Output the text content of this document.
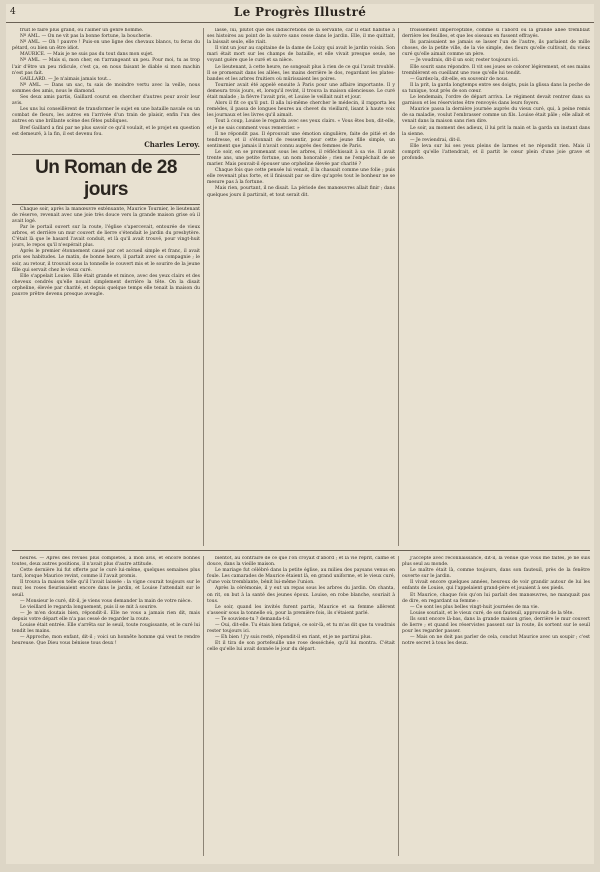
4	Le Progrès Illustré

fruit le faire plus grand, ou l'aimer un genre homme.

Nº AML. — On ne vit pas la bonne fortune, la boucherie.

Nº AML. — Oh ! pauvre ! Puis-on une ligne des chevaux blancs, tu feras du pétard, ou bien un être idiot.

MAURICE. — Mais je ne suis pas du tout dans mon sujet.

Nº AML. — Mais si, mon cher, en t'arrangeant un peu. Pour moi, tu as trop l'air d'être un peu ridicule, c'est ça, en nous faisant le diable si mon machin n'est pas fait.

GAILLARD. — Je n'aimais jamais tout...

Nº AML. — Dans un sac, tu sais de moindre vertu avec la veille, nous sommes des amis, nous le diamond.

Ses deux amis partis, Gaillard courut en chercher d'autres pour avoir leur avis.

Les uns lui conseillèrent de transformer le sujet en une bataille navale ou un combat de fleurs, les autres en l'arrivée d'un train de plaisir, enfin l'un des autres en une brillante scène des fêtes publiques.

Bref Gaillard a fini par ne plus savoir ce qu'il voulait, et le projet en question est demeuré, à la fin, il est devenu fou.

Charles Leroy.
Un Roman de 28 jours

Chaque soir, après la manœuvre exténuante, Maurice Tournier, le lieutenant de réserve, revenait avec une joie très douce vers la grande maison grise où il avait logé.

Par le portail ouvert sur la route, l'église s'apercevait, entourée de vieux arbres, et derrière un mur couvert de lierre s'étendait le jardin du presbytère. C'était là que le hasard l'avait conduit, et là qu'il avait trouvé, pour vingt-huit jours, le repos qu'il n'espérait plus.

Après le premier étonnement causé par cet accueil simple et franc, il avait pris ses habitudes. Le matin, de bonne heure, il partait avec sa compagnie ; le soir, au retour, il trouvait sous la tonnelle le couvert mis et le sourire de la jeune fille qui servait chez le vieux curé.

Elle s'appelait Louise. Elle était grande et mince, avec des yeux clairs et des cheveux cendrés qu'elle nouait simplement derrière la tête. On la disait orpheline, élevée par charité, et depuis quelque temps elle tenait la maison du pauvre prêtre devenu presque aveugle.

lasse, lui, plutôt que des indiscrétions de la servante, car il était habitué à ses histoires au point de la suivre sans cesse dans le jardin. Elle, il me quittait, la laissait seule, elle riait.

Il vint un jour au capitaine de la dame de Loizy qui avait le jardin voisin. Son mari était mort sur les champs de bataille, et elle vivait presque seule, ne voyant guère que le curé et sa nièce.

Le lieutenant, à cette heure, ne songeait plus à rien de ce qui l'avait troublé. Il se promenait dans les allées, les mains derrière le dos, regardant les plates-bandes et les arbres fruitiers où mûrissaient les poires.

Tournier avait été appelé ensuite à Paris pour une affaire importante. Il y demeura trois jours, et, lorsqu'il revint, il trouva la maison silencieuse. Le curé était malade ; la fièvre l'avait pris, et Louise le veillait nuit et jour.

Alors il fit ce qu'il put. Il alla lui-même chercher le médecin, il rapporta les remèdes, il passa de longues heures au chevet du vieillard, lisant à haute voix les journaux et les livres qu'il aimait.

Tout à coup, Louise le regarda avec ses yeux clairs. « Vous êtes bon, dit-elle, et je ne sais comment vous remercier. »

Il ne répondit pas. Il éprouvait une émotion singulière, faite de pitié et de tendresse, et il s'étonnait de ressentir, pour cette jeune fille simple, un sentiment que jamais il n'avait connu auprès des femmes de Paris.

Le soir, en se promenant sous les arbres, il réfléchissait à sa vie. Il avait trente ans, une petite fortune, un nom honorable ; rien ne l'empêchait de se marier. Mais pouvait-il épouser une orpheline élevée par charité ?

Chaque fois que cette pensée lui venait, il la chassait comme une folie ; puis elle revenait plus forte, et il finissait par se dire qu'après tout le bonheur ne se mesure pas à la fortune.

Mais rien, pourtant, il ne disait. La période des manœuvres allait finir ; dans quelques jours il partirait, et tout serait dit.

froissement imperceptible, comme si l'abord ou la grande allée tremblait derrière les feuilles, et que les oiseaux en fussent effrayés.

Ils paraissaient ne jamais se lasser l'un de l'autre, ils parlaient de mille choses, de la petite ville, de la vie simple, des fleurs qu'elle cultivait, du vieux curé qu'elle aimait comme un père.

— Je voudrais, dit-il un soir, rester toujours ici.

Elle sourit sans répondre. Il vit ses joues se colorer légèrement, et ses mains tremblèrent en cueillant une rose qu'elle lui tendit.

— Gardez-la, dit-elle, en souvenir de nous.

Il la prit, la garda longtemps entre ses doigts, puis la glissa dans la poche de sa tunique, tout près de son cœur.

Le lendemain, l'ordre de départ arriva. Le régiment devait rentrer dans sa garnison et les réservistes être renvoyés dans leurs foyers.

Maurice passa la dernière journée auprès du vieux curé, qui, à peine remis de sa maladie, voulut l'embrasser comme un fils. Louise était pâle ; elle allait et venait dans la maison sans rien dire.

Le soir, au moment des adieux, il lui prit la main et la garda un instant dans la sienne.

— Je reviendrai, dit-il.

Elle leva sur lui ses yeux pleins de larmes et ne répondit rien. Mais il comprit qu'elle l'attendrait, et il partit le cœur plein d'une joie grave et profonde.

heures. — Après des revues plus complètes, à mon avis, et encore bonnes toutes, deux autres positions, il n'avait plus d'autre attitude.

Cette dernière lui fut offerte par le curé lui-même, quelques semaines plus tard, lorsque Maurice revint, comme il l'avait promis.

Il trouva la maison telle qu'il l'avait laissée : la vigne courait toujours sur le mur, les roses fleurissaient encore dans le jardin, et Louise l'attendait sur le seuil.

— Monsieur le curé, dit-il, je viens vous demander la main de votre nièce.

Le vieillard le regarda longuement, puis il se mit à sourire.

— Je m'en doutais bien, répondit-il. Elle ne vous a jamais rien dit, mais depuis votre départ elle n'a pas cessé de regarder la route.

Louise était entrée. Elle s'arrêta sur le seuil, toute rougissante, et le curé lui tendit les mains.

— Approche, mon enfant, dit-il ; voici un honnête homme qui veut te rendre heureuse. Que Dieu vous bénisse tous deux !

bientôt, au contraire de ce que l'on croyait d'abord ; et la vie reprit, calme et douce, dans la vieille maison.

Le mariage fut célébré dans la petite église, au milieu des paysans venus en foule. Les camarades de Maurice étaient là, en grand uniforme, et le vieux curé, d'une voix tremblante, bénit lui-même l'union.

Après la cérémonie, il y eut un repas sous les arbres du jardin. On chanta, on rit, on but à la santé des jeunes époux. Louise, en robe blanche, souriait à tous.

Le soir, quand les invités furent partis, Maurice et sa femme allèrent s'asseoir sous la tonnelle où, pour la première fois, ils s'étaient parlé.

— Te souviens-tu ? demanda-t-il.

— Oui, dit-elle. Tu étais bien fatigué, ce soir-là, et tu m'as dit que tu voudrais rester toujours ici.

— Eh bien ! j'y suis resté, répondit-il en riant, et je ne partirai plus.

Et il tira de son portefeuille une rose desséchée, qu'il lui montra. C'était celle qu'elle lui avait donnée le jour du départ.

J'accepte avec reconnaissance, dit-il, la venue que vous me faites, je ne suis plus seul au monde.

Le maître était là, comme toujours, dans son fauteuil, près de la fenêtre ouverte sur le jardin.

Il vivait encore quelques années, heureux de voir grandir autour de lui les enfants de Louise, qui l'appelaient grand-père et jouaient à ses pieds.

Et Maurice, chaque fois qu'on lui parlait des manœuvres, ne manquait pas de dire, en regardant sa femme :

— Ce sont les plus belles vingt-huit journées de ma vie.

Louise souriait, et le vieux curé, de son fauteuil, approuvait de la tête.

Ils sont encore là-bas, dans la grande maison grise, derrière le mur couvert de lierre ; et quand les réservistes passent sur la route, ils sortent sur le seuil pour les regarder passer.

— Mais on ne doit pas parler de cela, conclut Maurice avec un soupir ; c'est notre secret à tous les deux.
